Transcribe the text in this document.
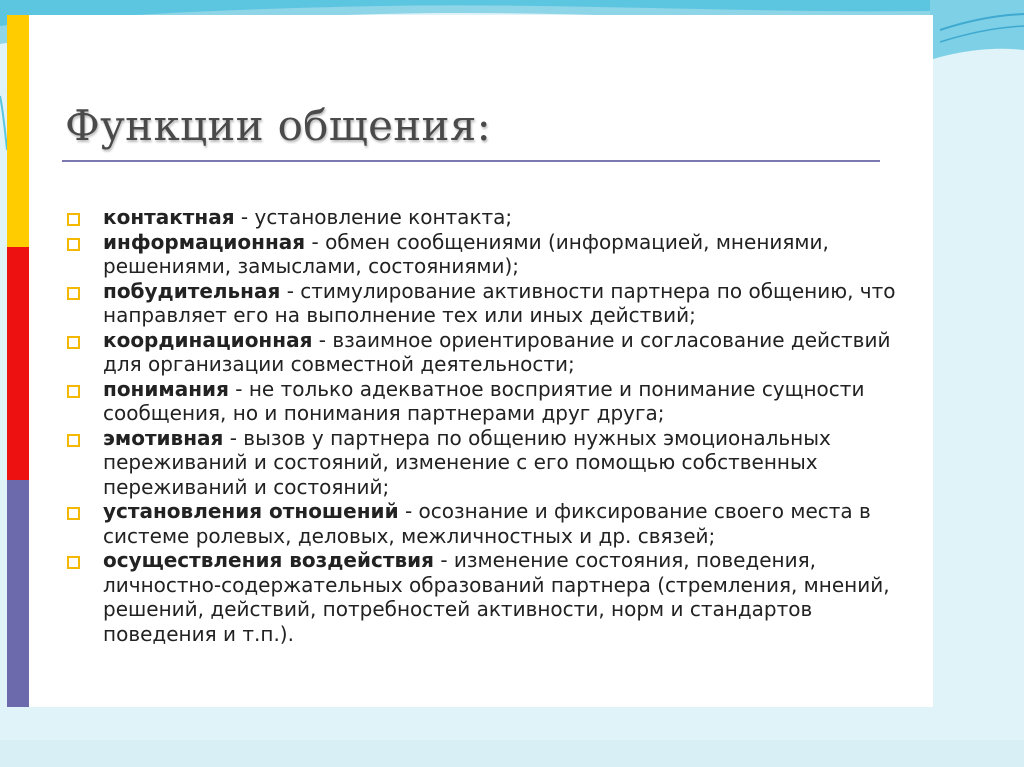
Функции общения:
контактная - установление контакта;
информационная - обмен сообщениями (информацией, мнениями, решениями, замыслами, состояниями);
побудительная - стимулирование активности партнера по общению, что направляет его на выполнение тех или иных действий;
координационная - взаимное ориентирование и согласование действий для организации совместной деятельности;
понимания - не только адекватное восприятие и понимание сущности сообщения, но и понимания партнерами друг друга;
эмотивная - вызов у партнера по общению нужных эмоциональных переживаний и состояний, изменение с его помощью собственных переживаний и состояний;
установления отношений - осознание и фиксирование своего места в системе ролевых, деловых, межличностных и др. связей;
осуществления воздействия - изменение состояния, поведения, личностно-содержательных образований партнера (стремления, мнений, решений, действий, потребностей активности, норм и стандартов поведения и т.п.).
